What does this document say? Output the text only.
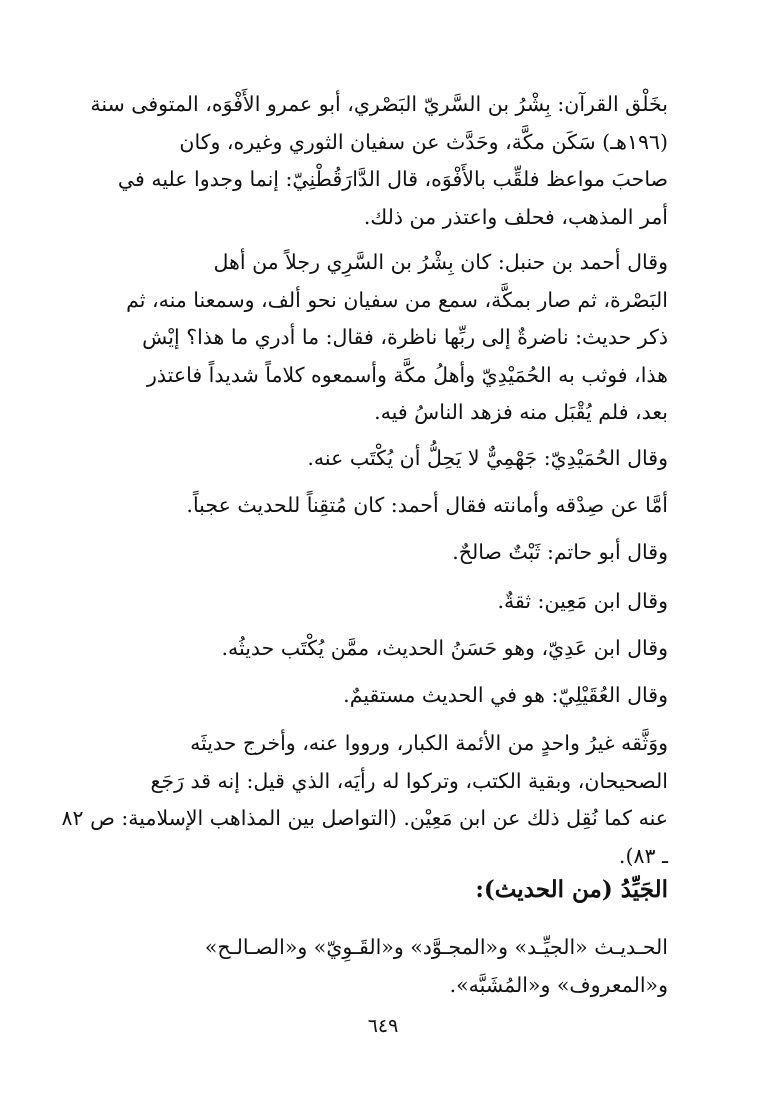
بخَلْق القرآن: بِشْرُ بن السَّريّ البَصْري، أبو عمرو الأَفْوَه، المتوفى سنة
(١٩٦هـ) سَكَن مكَّة، وحَدَّث عن سفيان الثوري وغيره، وكان
صاحبَ مواعظ فلقِّب بالأَفْوَه، قال الدَّارَقُطْنِيّ: إنما وجدوا عليه في
أمر المذهب، فحلف واعتذر من ذلك.
وقال أحمد بن حنبل: كان بِشْرُ بن السَّرِي رجلاً من أهل
البَصْرة، ثم صار بمكَّة، سمع من سفيان نحو ألف، وسمعنا منه، ثم
ذكر حديث: ناضرةٌ إلى ربِّها ناظرة، فقال: ما أدري ما هذا؟ إيْش
هذا، فوثب به الحُمَيْدِيّ وأهلُ مكَّة وأسمعوه كلاماً شديداً فاعتذر
بعد، فلم يُقْبَل منه فزهد الناسُ فيه.
وقال الحُمَيْدِيّ: جَهْمِيٌّ لا يَحِلُّ أن يُكْتَب عنه.
أمَّا عن صِدْقه وأمانته فقال أحمد: كان مُتقِناً للحديث عجباً.
وقال أبو حاتم: ثَبْتٌ صالحٌ.
وقال ابن مَعِين: ثقةٌ.
وقال ابن عَدِيّ، وهو حَسَنُ الحديث، ممَّن يُكْتَب حديثُه.
وقال العُقَيْلِيّ: هو في الحديث مستقيمٌ.
ووَثَّقه غيرُ واحدٍ من الأئمة الكبار، ورووا عنه، وأخرج حديثَه
الصحيحان، وبقية الكتب، وتركوا له رأيَه، الذي قيل: إنه قد رَجَع
عنه كما نُقِل ذلك عن ابن مَعِيْن. (التواصل بين المذاهب الإسلامية: ص ٨٢
ـ ٨٣).
الجَيِّدُ (من الحديث):
الحـديـث «الجيِّـد» و«المجـوَّد» و«القَـوِيّ» و«الصـالـح»
و«المعروف» و«المُشَبَّه».
٦٤٩
